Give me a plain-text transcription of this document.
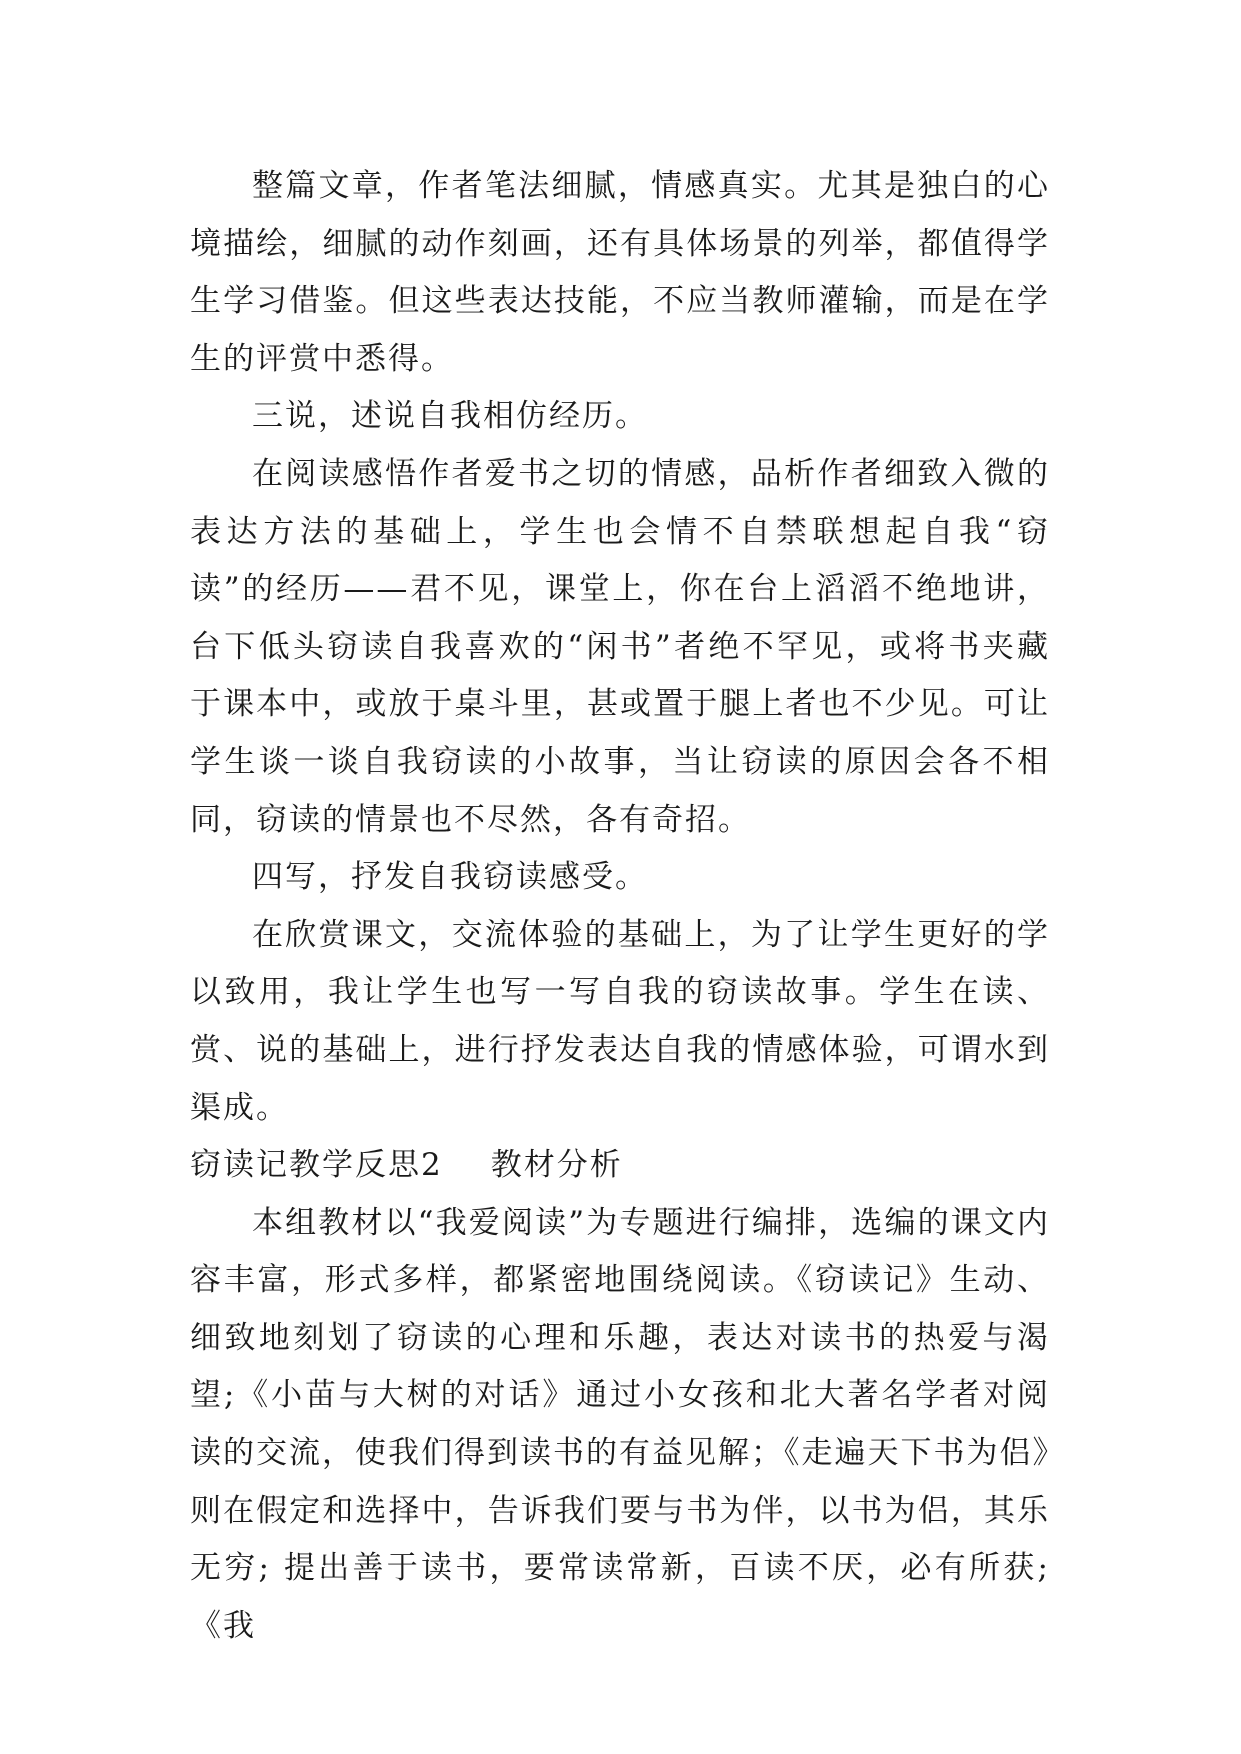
整篇文章，作者笔法细腻，情感真实。尤其是独白的心境描绘，细腻的动作刻画，还有具体场景的列举，都值得学生学习借鉴。但这些表达技能，不应当教师灌输，而是在学生的评赏中悉得。

三说，述说自我相仿经历。

在阅读感悟作者爱书之切的情感，品析作者细致入微的表达方法的基础上，学生也会情不自禁联想起自我“窃读”的经历——君不见，课堂上，你在台上滔滔不绝地讲，台下低头窃读自我喜欢的“闲书”者绝不罕见，或将书夹藏于课本中，或放于桌斗里，甚或置于腿上者也不少见。可让学生谈一谈自我窃读的小故事，当让窃读的原因会各不相同，窃读的情景也不尽然，各有奇招。

四写，抒发自我窃读感受。

在欣赏课文，交流体验的基础上，为了让学生更好的学以致用，我让学生也写一写自我的窃读故事。学生在读、赏、说的基础上，进行抒发表达自我的情感体验，可谓水到渠成。

窃读记教学反思2 教材分析

本组教材以“我爱阅读”为专题进行编排，选编的课文内容丰富，形式多样，都紧密地围绕阅读。《窃读记》生动、细致地刻划了窃读的心理和乐趣，表达对读书的热爱与渴望;《小苗与大树的对话》通过小女孩和北大著名学者对阅读的交流，使我们得到读书的有益见解；《走遍天下书为侣》则在假定和选择中，告诉我们要与书为伴，以书为侣，其乐无穷; 提出善于读书，要常读常新，百读不厌，必有所获;《我
